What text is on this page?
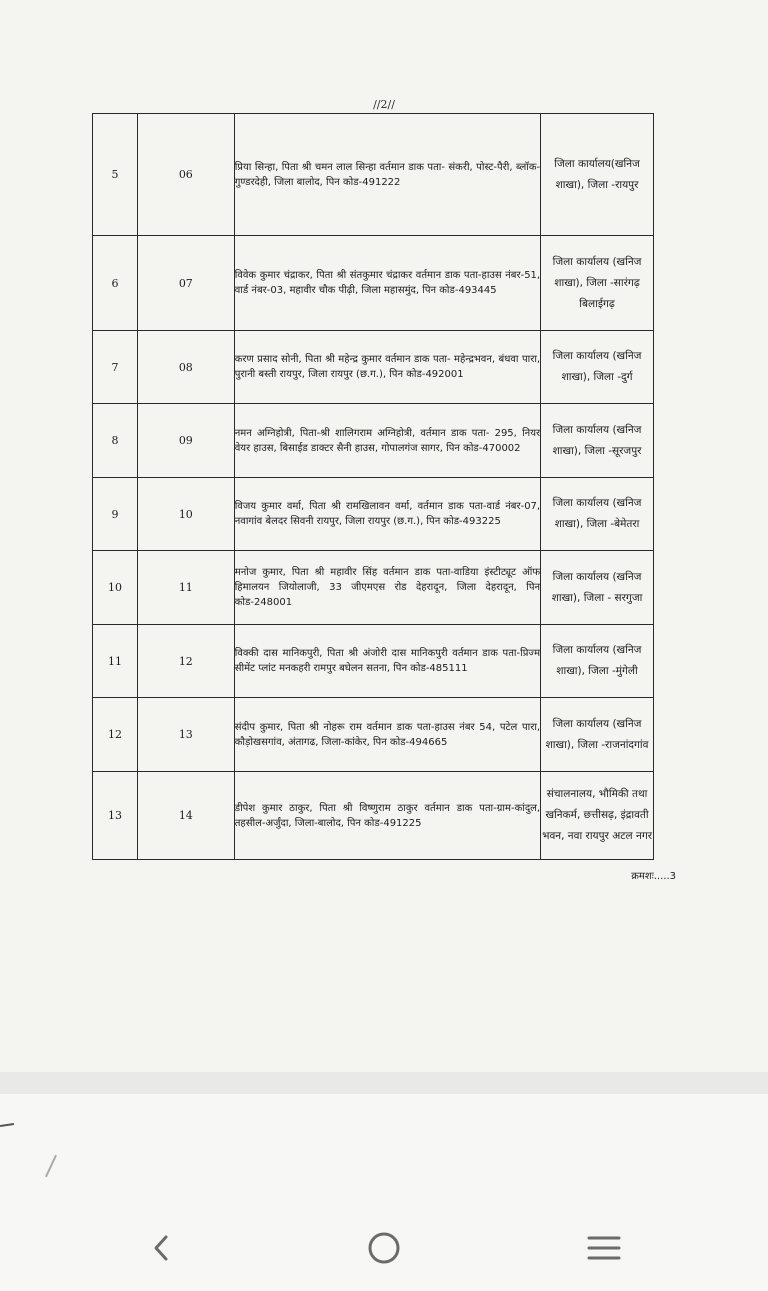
//2//
5	06	प्रिया सिन्हा, पिता श्री चमन लाल सिन्हा वर्तमान डाक पता- संकरी, पोस्ट-पैरी, ब्लॉक-गुण्डरदेही, जिला बालोद, पिन कोड-491222	जिला कार्यालय(खनिज शाखा), जिला -रायपुर
6	07	विवेक कुमार चंद्राकर, पिता श्री संतकुमार चंद्राकर वर्तमान डाक पता-हाउस नंबर-51, वार्ड नंबर-03, महावीर चौक पीढ़ी, जिला महासमुंद, पिन कोड-493445	जिला कार्यालय (खनिज शाखा), जिला -सारंगढ़ बिलाईगढ़
7	08	करण प्रसाद सोनी, पिता श्री महेन्द्र कुमार वर्तमान डाक पता- महेन्द्रभवन, बंधवा पारा, पुरानी बस्ती रायपुर, जिला रायपुर (छ.ग.), पिन कोड-492001	जिला कार्यालय (खनिज शाखा), जिला -दुर्ग
8	09	नमन अग्निहोत्री, पिता-श्री शालिगराम अग्निहोत्री, वर्तमान डाक पता- 295, नियर वेयर हाउस, बिसाईड डाक्टर सैनी हाउस, गोपालगंज सागर, पिन कोड-470002	जिला कार्यालय (खनिज शाखा), जिला -सूरजपुर
9	10	विजय कुमार वर्मा, पिता श्री रामखिलावन वर्मा, वर्तमान डाक पता-वार्ड नंबर-07, नवागांव बेलदर सिवनी रायपुर, जिला रायपुर (छ.ग.), पिन कोड-493225	जिला कार्यालय (खनिज शाखा), जिला -बेमेतरा
10	11	मनोज कुमार, पिता श्री महावीर सिंह वर्तमान डाक पता-वाडिया इंस्टीट्यूट ऑफ हिमालयन जियोलाजी, 33 जीएमएस रोड देहरादून, जिला देहरादून, पिन कोड-248001	जिला कार्यालय (खनिज शाखा), जिला - सरगुजा
11	12	विक्की दास मानिकपुरी, पिता श्री अंजोरी दास मानिकपुरी वर्तमान डाक पता-प्रिज्म सीमेंट प्लांट मनकहरी रामपुर बघेलन सतना, पिन कोड-485111	जिला कार्यालय (खनिज शाखा), जिला -मुंगेली
12	13	संदीप कुमार, पिता श्री नोहरू राम वर्तमान डाक पता-हाउस नंबर 54, पटेल पारा, कौड़ोखसगांव, अंतागढ, जिला-कांकेर, पिन कोड-494665	जिला कार्यालय (खनिज शाखा), जिला -राजनांदगांव
13	14	डीपेश कुमार ठाकुर, पिता श्री विष्णुराम ठाकुर वर्तमान डाक पता-ग्राम-कांदुल, तहसील-अर्जुंदा, जिला-बालोद, पिन कोड-491225	संचालनालय, भौमिकी तथा खनिकर्म, छत्तीसढ़, इंद्रावती भवन, नवा रायपुर अटल नगर
क्रमशः.....3
